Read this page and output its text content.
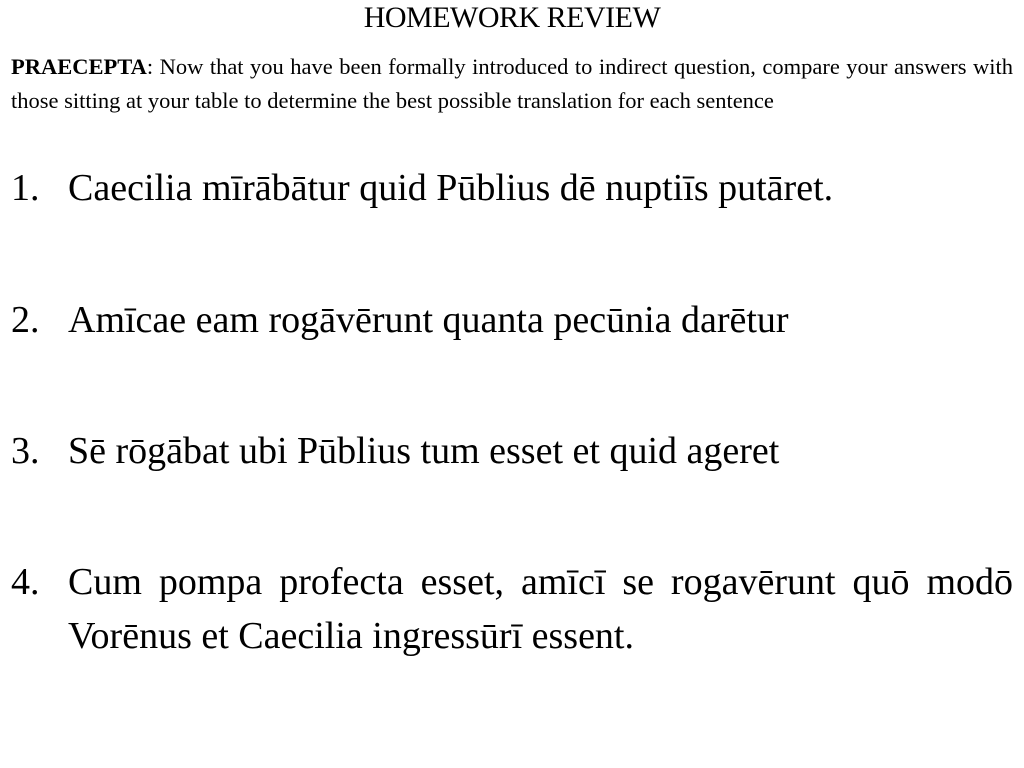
HOMEWORK REVIEW

PRAECEPTA: Now that you have been formally introduced to indirect question, compare your answers with those sitting at your table to determine the best possible translation for each sentence

1. Caecilia mīrābātur quid Pūblius dē nuptiīs putāret.
2. Amīcae eam rogāvērunt quanta pecūnia darētur
3. Sē rōgābat ubi Pūblius tum esset et quid ageret
4. Cum pompa profecta esset, amīcī se rogavērunt quō modō Vorēnus et Caecilia ingressūrī essent.
